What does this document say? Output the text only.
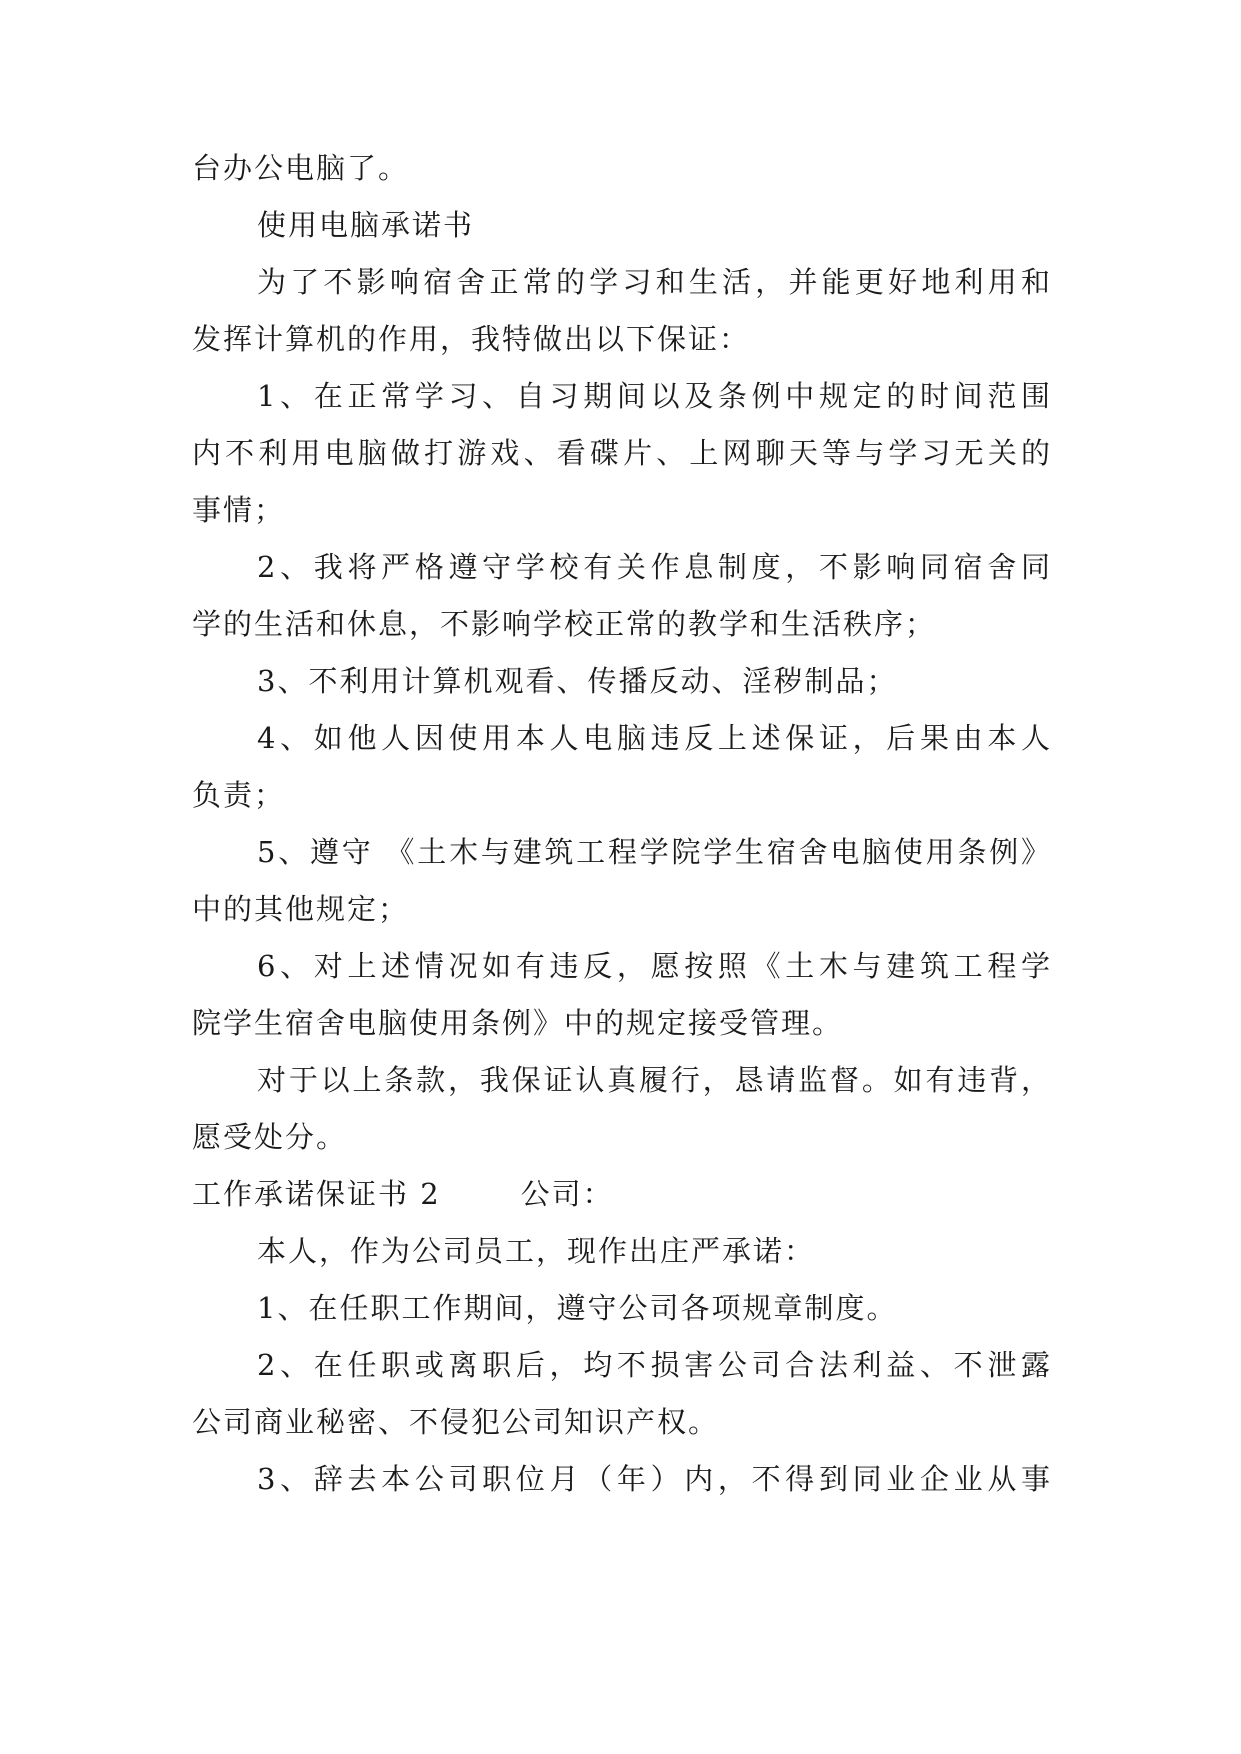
台办公电脑了。
使用电脑承诺书
为了不影响宿舍正常的学习和生活，并能更好地利用和
发挥计算机的作用，我特做出以下保证：
1、在正常学习、自习期间以及条例中规定的时间范围
内不利用电脑做打游戏、看碟片、上网聊天等与学习无关的
事情；
2、我将严格遵守学校有关作息制度，不影响同宿舍同
学的生活和休息，不影响学校正常的教学和生活秩序；
3、不利用计算机观看、传播反动、淫秽制品；
4、如他人因使用本人电脑违反上述保证，后果由本人
负责；
5、遵守 《土木与建筑工程学院学生宿舍电脑使用条例》
中的其他规定；
6、对上述情况如有违反，愿按照《土木与建筑工程学
院学生宿舍电脑使用条例》中的规定接受管理。
对于以上条款，我保证认真履行，恳请监督。如有违背，
愿受处分。
工作承诺保证书 2	公司：
本人，作为公司员工，现作出庄严承诺：
1、在任职工作期间，遵守公司各项规章制度。
2、在任职或离职后，均不损害公司合法利益、不泄露
公司商业秘密、不侵犯公司知识产权。
3、辞去本公司职位月（年）内，不得到同业企业从事
